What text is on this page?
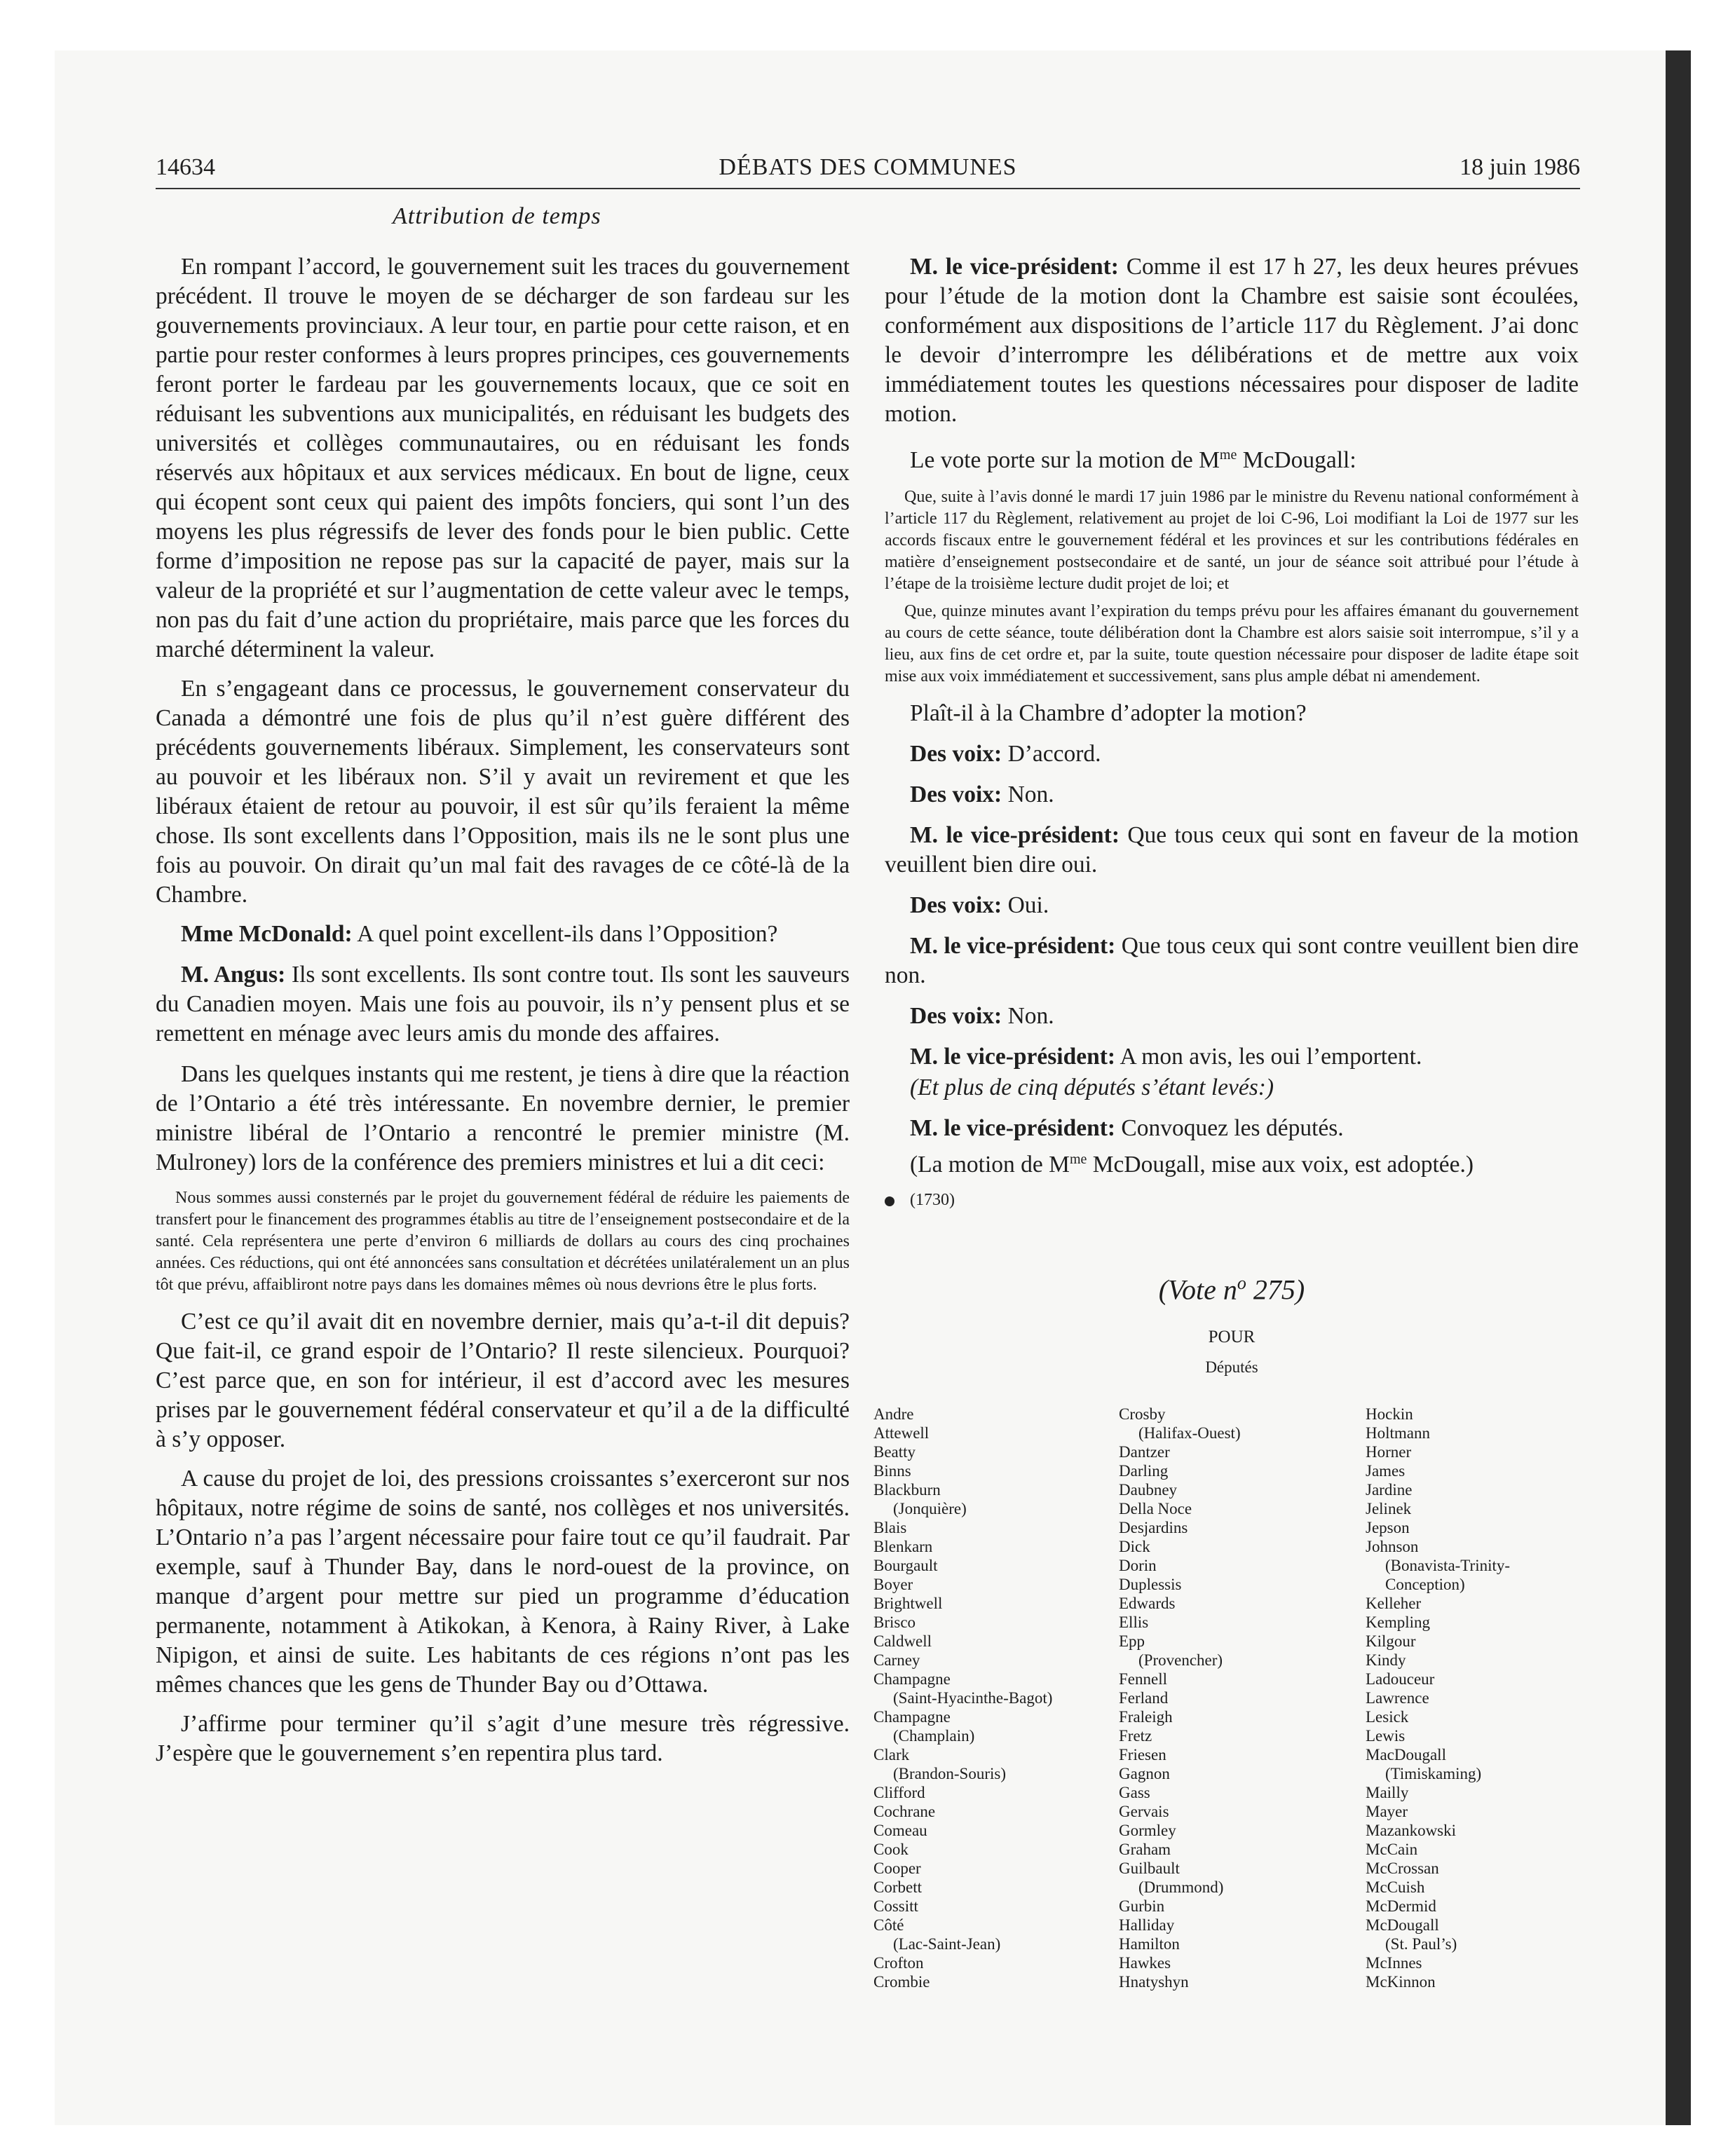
14634	DÉBATS DES COMMUNES	18 juin 1986
Attribution de temps

En rompant l’accord, le gouvernement suit les traces du gouvernement précédent. Il trouve le moyen de se décharger de son fardeau sur les gouvernements provinciaux. A leur tour, en partie pour cette raison, et en partie pour rester conformes à leurs propres principes, ces gouvernements feront porter le fardeau par les gouvernements locaux, que ce soit en réduisant les subventions aux municipalités, en réduisant les budgets des universités et collèges communautaires, ou en réduisant les fonds réservés aux hôpitaux et aux services médicaux. En bout de ligne, ceux qui écopent sont ceux qui paient des impôts fonciers, qui sont l’un des moyens les plus régressifs de lever des fonds pour le bien public. Cette forme d’imposition ne repose pas sur la capacité de payer, mais sur la valeur de la propriété et sur l’augmentation de cette valeur avec le temps, non pas du fait d’une action du propriétaire, mais parce que les forces du marché déterminent la valeur.

En s’engageant dans ce processus, le gouvernement conservateur du Canada a démontré une fois de plus qu’il n’est guère différent des précédents gouvernements libéraux. Simplement, les conservateurs sont au pouvoir et les libéraux non. S’il y avait un revirement et que les libéraux étaient de retour au pouvoir, il est sûr qu’ils feraient la même chose. Ils sont excellents dans l’Opposition, mais ils ne le sont plus une fois au pouvoir. On dirait qu’un mal fait des ravages de ce côté-là de la Chambre.

Mme McDonald: A quel point excellent-ils dans l’Opposition?

M. Angus: Ils sont excellents. Ils sont contre tout. Ils sont les sauveurs du Canadien moyen. Mais une fois au pouvoir, ils n’y pensent plus et se remettent en ménage avec leurs amis du monde des affaires.

Dans les quelques instants qui me restent, je tiens à dire que la réaction de l’Ontario a été très intéressante. En novembre dernier, le premier ministre libéral de l’Ontario a rencontré le premier ministre (M. Mulroney) lors de la conférence des premiers ministres et lui a dit ceci:

Nous sommes aussi consternés par le projet du gouvernement fédéral de réduire les paiements de transfert pour le financement des programmes établis au titre de l’enseignement postsecondaire et de la santé. Cela représentera une perte d’environ 6 milliards de dollars au cours des cinq prochaines années. Ces réductions, qui ont été annoncées sans consultation et décrétées unilatéralement un an plus tôt que prévu, affaibliront notre pays dans les domaines mêmes où nous devrions être le plus forts.

C’est ce qu’il avait dit en novembre dernier, mais qu’a-t-il dit depuis? Que fait-il, ce grand espoir de l’Ontario? Il reste silencieux. Pourquoi? C’est parce que, en son for intérieur, il est d’accord avec les mesures prises par le gouvernement fédéral conservateur et qu’il a de la difficulté à s’y opposer.

A cause du projet de loi, des pressions croissantes s’exerceront sur nos hôpitaux, notre régime de soins de santé, nos collèges et nos universités. L’Ontario n’a pas l’argent nécessaire pour faire tout ce qu’il faudrait. Par exemple, sauf à Thunder Bay, dans le nord-ouest de la province, on manque d’argent pour mettre sur pied un programme d’éducation permanente, notamment à Atikokan, à Kenora, à Rainy River, à Lake Nipigon, et ainsi de suite. Les habitants de ces régions n’ont pas les mêmes chances que les gens de Thunder Bay ou d’Ottawa.

J’affirme pour terminer qu’il s’agit d’une mesure très régressive. J’espère que le gouvernement s’en repentira plus tard.

M. le vice-président: Comme il est 17 h 27, les deux heures prévues pour l’étude de la motion dont la Chambre est saisie sont écoulées, conformément aux dispositions de l’article 117 du Règlement. J’ai donc le devoir d’interrompre les délibérations et de mettre aux voix immédiatement toutes les questions nécessaires pour disposer de ladite motion.

Le vote porte sur la motion de $M^{me}$ McDougall:

Que, suite à l’avis donné le mardi 17 juin 1986 par le ministre du Revenu national conformément à l’article 117 du Règlement, relativement au projet de loi C-96, Loi modifiant la Loi de 1977 sur les accords fiscaux entre le gouvernement fédéral et les provinces et sur les contributions fédérales en matière d’enseignement postsecondaire et de santé, un jour de séance soit attribué pour l’étude à l’étape de la troisième lecture dudit projet de loi; et

Que, quinze minutes avant l’expiration du temps prévu pour les affaires émanant du gouvernement au cours de cette séance, toute délibération dont la Chambre est alors saisie soit interrompue, s’il y a lieu, aux fins de cet ordre et, par la suite, toute question nécessaire pour disposer de ladite étape soit mise aux voix immédiatement et successivement, sans plus ample débat ni amendement.

Plaît-il à la Chambre d’adopter la motion?

Des voix: D’accord.

Des voix: Non.

M. le vice-président: Que tous ceux qui sont en faveur de la motion veuillent bien dire oui.

Des voix: Oui.

M. le vice-président: Que tous ceux qui sont contre veuillent bien dire non.

Des voix: Non.

M. le vice-président: A mon avis, les oui l’emportent.

(Et plus de cinq députés s’étant levés:)

M. le vice-président: Convoquez les députés.

(La motion de $M^{me}$ McDougall, mise aux voix, est adoptée.)

(1730)
(Vote $n^o$ 275)
POUR
Députés
Andre
Attewell
Beatty
Binns
Blackburn
(Jonquière)
Blais
Blenkarn
Bourgault
Boyer
Brightwell
Brisco
Caldwell
Carney
Champagne
(Saint-Hyacinthe-Bagot)
Champagne
(Champlain)
Clark
(Brandon-Souris)
Clifford
Cochrane
Comeau
Cook
Cooper
Corbett
Cossitt
Côté
(Lac-Saint-Jean)
Crofton
Crombie
Crosby
(Halifax-Ouest)
Dantzer
Darling
Daubney
Della Noce
Desjardins
Dick
Dorin
Duplessis
Edwards
Ellis
Epp
(Provencher)
Fennell
Ferland
Fraleigh
Fretz
Friesen
Gagnon
Gass
Gervais
Gormley
Graham
Guilbault
(Drummond)
Gurbin
Halliday
Hamilton
Hawkes
Hnatyshyn
Hockin
Holtmann
Horner
James
Jardine
Jelinek
Jepson
Johnson
(Bonavista-Trinity-
Conception)
Kelleher
Kempling
Kilgour
Kindy
Ladouceur
Lawrence
Lesick
Lewis
MacDougall
(Timiskaming)
Mailly
Mayer
Mazankowski
McCain
McCrossan
McCuish
McDermid
McDougall
(St. Paul’s)
McInnes
McKinnon
